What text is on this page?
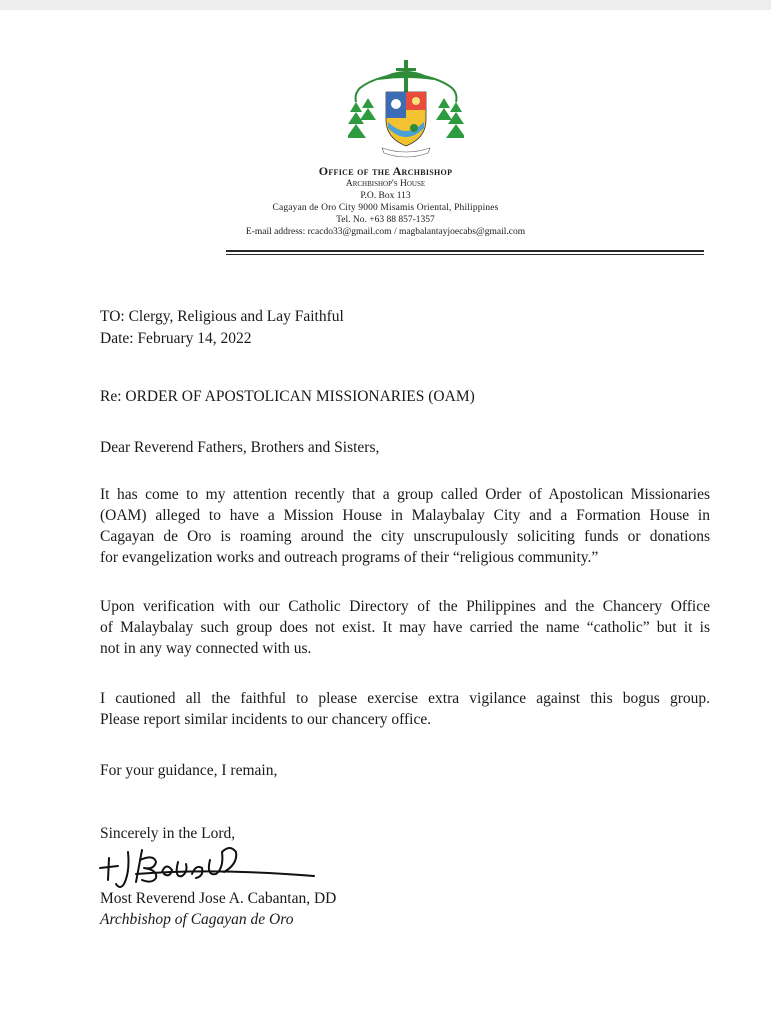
Office of the Archbishop
Archbishop's House
P.O. Box 113
Cagayan de Oro City 9000 Misamis Oriental, Philippines
Tel. No. +63 88 857-1357
E-mail address: rcacdo33@gmail.com / magbalantayjoecabs@gmail.com
TO: Clergy, Religious and Lay Faithful
Date: February 14, 2022
Re: ORDER OF APOSTOLICAN MISSIONARIES (OAM)
Dear Reverend Fathers, Brothers and Sisters,
It has come to my attention recently that a group called Order of Apostolican Missionaries
(OAM) alleged to have a Mission House in Malaybalay City and a Formation House in
Cagayan de Oro is roaming around the city unscrupulously soliciting funds or donations
for evangelization works and outreach programs of their “religious community.”
Upon verification with our Catholic Directory of the Philippines and the Chancery Office
of Malaybalay such group does not exist. It may have carried the name “catholic” but it is
not in any way connected with us.
I cautioned all the faithful to please exercise extra vigilance against this bogus group.
Please report similar incidents to our chancery office.
For your guidance, I remain,
Sincerely in the Lord,
Most Reverend Jose A. Cabantan, DD
Archbishop of Cagayan de Oro
